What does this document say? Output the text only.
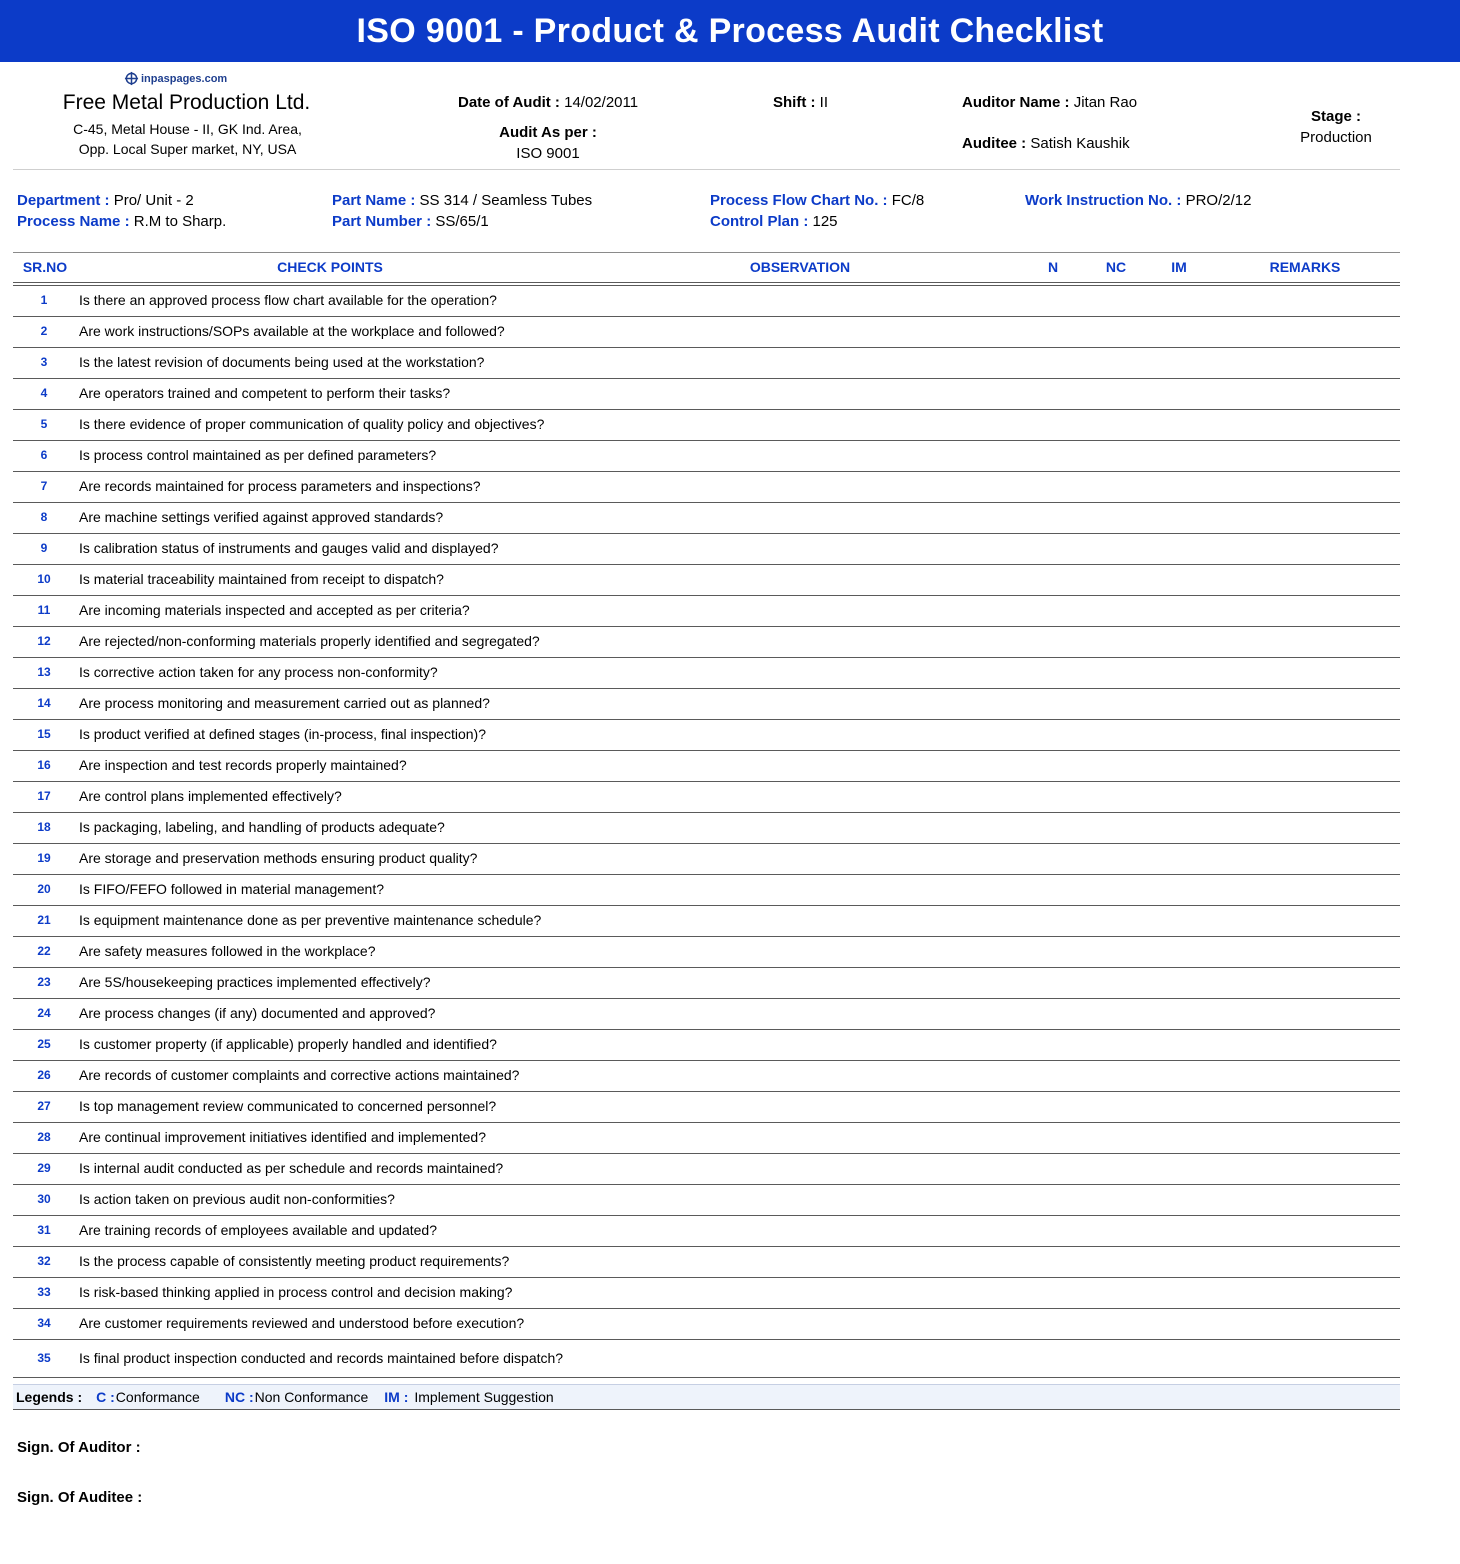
ISO 9001 - Product & Process Audit Checklist
inpaspages.com
Free Metal Production Ltd.
C-45, Metal House - II, GK Ind. Area,
Opp. Local Super market, NY, USA
Date of Audit : 14/02/2011
Audit As per :
ISO 9001
Shift : II	Auditor Name : Jitan Rao
Auditee : Satish Kaushik
Stage :
Production
Department : Pro/ Unit - 2
Process Name : R.M to Sharp.
Part Name : SS 314 / Seamless Tubes
Part Number : SS/65/1
Process Flow Chart No. : FC/8
Control Plan : 125
Work Instruction No. : PRO/2/12
SR.NO	CHECK POINTS	OBSERVATION	N	NC	IM	REMARKS
1	Is there an approved process flow chart available for the operation?
2	Are work instructions/SOPs available at the workplace and followed?
3	Is the latest revision of documents being used at the workstation?
4	Are operators trained and competent to perform their tasks?
5	Is there evidence of proper communication of quality policy and objectives?
6	Is process control maintained as per defined parameters?
7	Are records maintained for process parameters and inspections?
8	Are machine settings verified against approved standards?
9	Is calibration status of instruments and gauges valid and displayed?
10	Is material traceability maintained from receipt to dispatch?
11	Are incoming materials inspected and accepted as per criteria?
12	Are rejected/non-conforming materials properly identified and segregated?
13	Is corrective action taken for any process non-conformity?
14	Are process monitoring and measurement carried out as planned?
15	Is product verified at defined stages (in-process, final inspection)?
16	Are inspection and test records properly maintained?
17	Are control plans implemented effectively?
18	Is packaging, labeling, and handling of products adequate?
19	Are storage and preservation methods ensuring product quality?
20	Is FIFO/FEFO followed in material management?
21	Is equipment maintenance done as per preventive maintenance schedule?
22	Are safety measures followed in the workplace?
23	Are 5S/housekeeping practices implemented effectively?
24	Are process changes (if any) documented and approved?
25	Is customer property (if applicable) properly handled and identified?
26	Are records of customer complaints and corrective actions maintained?
27	Is top management review communicated to concerned personnel?
28	Are continual improvement initiatives identified and implemented?
29	Is internal audit conducted as per schedule and records maintained?
30	Is action taken on previous audit non-conformities?
31	Are training records of employees available and updated?
32	Is the process capable of consistently meeting product requirements?
33	Is risk-based thinking applied in process control and decision making?
34	Are customer requirements reviewed and understood before execution?
35	Is final product inspection conducted and records maintained before dispatch?
Legends : C : Conformance NC : Non Conformance IM : Implement Suggestion
Sign. Of Auditor :
Sign. Of Auditee :
